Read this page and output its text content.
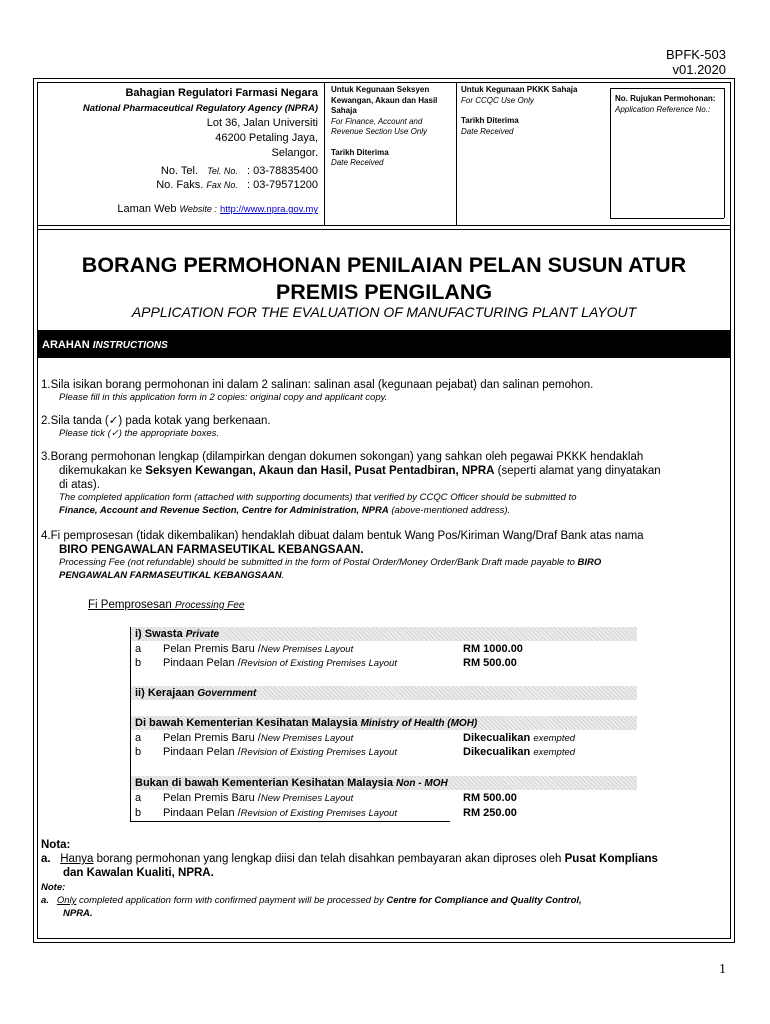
BPFK-503
v01.2020
Bahagian Regulatori Farmasi Negara
National Pharmaceutical Regulatory Agency (NPRA)
Lot 36, Jalan Universiti
46200 Petaling Jaya,
Selangor.
No. Tel. Tel. No. : 03-78835400
No. Faks. Fax No. : 03-79571200
Laman Web Website : http://www.npra.gov.my
Untuk Kegunaan Seksyen Kewangan, Akaun dan Hasil Sahaja
For Finance, Account and Revenue Section Use Only
Tarikh Diterima
Date Received
Untuk Kegunaan PKKK Sahaja
For CCQC Use Only
Tarikh Diterima
Date Received
No. Rujukan Permohonan:
Application Reference No.:
BORANG PERMOHONAN PENILAIAN PELAN SUSUN ATUR
PREMIS PENGILANG
APPLICATION FOR THE EVALUATION OF MANUFACTURING PLANT LAYOUT
ARAHAN INSTRUCTIONS
1.Sila isikan borang permohonan ini dalam 2 salinan: salinan asal (kegunaan pejabat) dan salinan pemohon.
Please fill in this application form in 2 copies: original copy and applicant copy.
2.Sila tanda (✓) pada kotak yang berkenaan.
Please tick (✓) the appropriate boxes.
3.Borang permohonan lengkap (dilampirkan dengan dokumen sokongan) yang sahkan oleh pegawai PKKK hendaklah
dikemukakan ke Seksyen Kewangan, Akaun dan Hasil, Pusat Pentadbiran, NPRA (seperti alamat yang dinyatakan
di atas).
The completed application form (attached with supporting documents) that verified by CCQC Officer should be submitted to
Finance, Account and Revenue Section, Centre for Administration, NPRA (above-mentioned address).
4.Fi pemprosesan (tidak dikembalikan) hendaklah dibuat dalam bentuk Wang Pos/Kiriman Wang/Draf Bank atas nama
BIRO PENGAWALAN FARMASEUTIKAL KEBANGSAAN.
Processing Fee (not refundable) should be submitted in the form of Postal Order/Money Order/Bank Draft made payable to BIRO
PENGAWALAN FARMASEUTIKAL KEBANGSAAN.
Fi Pemprosesan Processing Fee
i) Swasta Private
a Pelan Premis Baru /New Premises Layout	RM 1000.00
b Pindaan Pelan /Revision of Existing Premises Layout	RM 500.00
ii) Kerajaan Government
Di bawah Kementerian Kesihatan Malaysia Ministry of Health (MOH)
a Pelan Premis Baru /New Premises Layout	Dikecualikan exempted
b Pindaan Pelan /Revision of Existing Premises Layout	Dikecualikan exempted
Bukan di bawah Kementerian Kesihatan Malaysia Non - MOH
a Pelan Premis Baru /New Premises Layout	RM 500.00
b Pindaan Pelan /Revision of Existing Premises Layout	RM 250.00
Nota:
a. Hanya borang permohonan yang lengkap diisi dan telah disahkan pembayaran akan diproses oleh Pusat Komplians
dan Kawalan Kualiti, NPRA.
Note:
a. Only completed application form with confirmed payment will be processed by Centre for Compliance and Quality Control,
NPRA.
1
